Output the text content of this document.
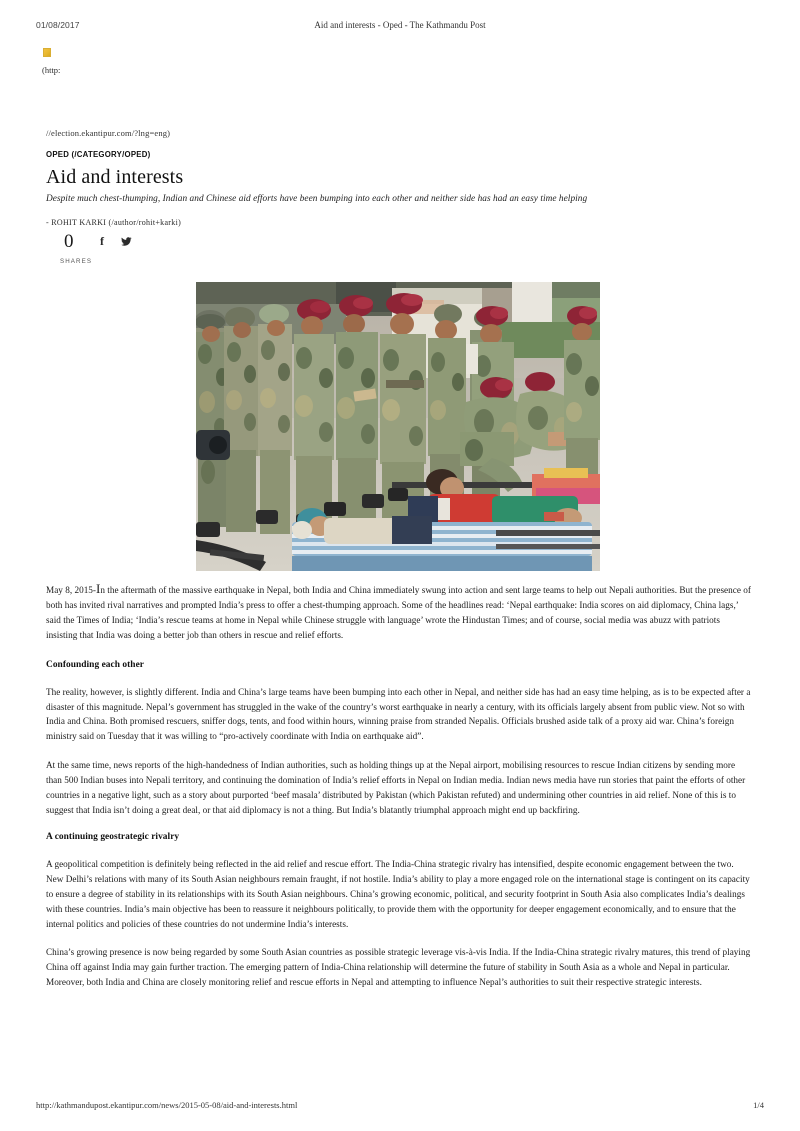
01/08/2017	Aid and interests - Oped - The Kathmandu Post
(http:
//election.ekantipur.com/?lng=eng)
OPED (/CATEGORY/OPED)
Aid and interests
Despite much chest-thumping, Indian and Chinese aid efforts have been bumping into each other and neither side has had an easy time helping
- ROHIT KARKI (/author/rohit+karki)
0
SHARES
f

May 8, 2015-In the aftermath of the massive earthquake in Nepal, both India and China immediately swung into action and sent large teams to help out Nepali authorities. But the presence of both has invited rival narratives and prompted India’s press to offer a chest-thumping approach. Some of the headlines read: ‘Nepal earthquake: India scores on aid diplomacy, China lags,’ said the Times of India; ‘India’s rescue teams at home in Nepal while Chinese struggle with language’ wrote the Hindustan Times; and of course, social media was abuzz with patriots insisting that India was doing a better job than others in rescue and relief efforts.

Confounding each other

The reality, however, is slightly different. India and China’s large teams have been bumping into each other in Nepal, and neither side has had an easy time helping, as is to be expected after a disaster of this magnitude. Nepal’s government has struggled in the wake of the country’s worst earthquake in nearly a century, with its officials largely absent from public view. Not so with India and China. Both promised rescuers, sniffer dogs, tents, and food within hours, winning praise from stranded Nepalis. Officials brushed aside talk of a proxy aid war. China’s foreign ministry said on Tuesday that it was willing to “pro-actively coordinate with India on earthquake aid”.

At the same time, news reports of the high-handedness of Indian authorities, such as holding things up at the Nepal airport, mobilising resources to rescue Indian citizens by sending more than 500 Indian buses into Nepali territory, and continuing the domination of India’s relief efforts in Nepal on Indian media. Indian news media have run stories that paint the efforts of other countries in a negative light, such as a story about purported ‘beef masala’ distributed by Pakistan (which Pakistan refuted) and undermining other countries in aid relief. None of this is to suggest that India isn’t doing a great deal, or that aid diplomacy is not a thing. But India’s blatantly triumphal approach might end up backfiring.

A continuing geostrategic rivalry

A geopolitical competition is definitely being reflected in the aid relief and rescue effort. The India-China strategic rivalry has intensified, despite economic engagement between the two. New Delhi’s relations with many of its South Asian neighbours remain fraught, if not hostile. India’s ability to play a more engaged role on the international stage is contingent on its capacity to ensure a degree of stability in its relationships with its South Asian neighbours. China’s growing economic, political, and security footprint in South Asia also complicates India’s dealings with these countries. India’s main objective has been to reassure it neighbours politically, to provide them with the opportunity for deeper engagement economically, and to ensure that the internal politics and policies of these countries do not undermine India’s interests.

China’s growing presence is now being regarded by some South Asian countries as possible strategic leverage vis-à-vis India. If the India-China strategic rivalry matures, this trend of playing China off against India may gain further traction. The emerging pattern of India-China relationship will determine the future of stability in South Asia as a whole and Nepal in particular. Moreover, both India and China are closely monitoring relief and rescue efforts in Nepal and attempting to influence Nepal’s authorities to suit their respective strategic interests.

http://kathmandupost.ekantipur.com/news/2015-05-08/aid-and-interests.html	1/4
